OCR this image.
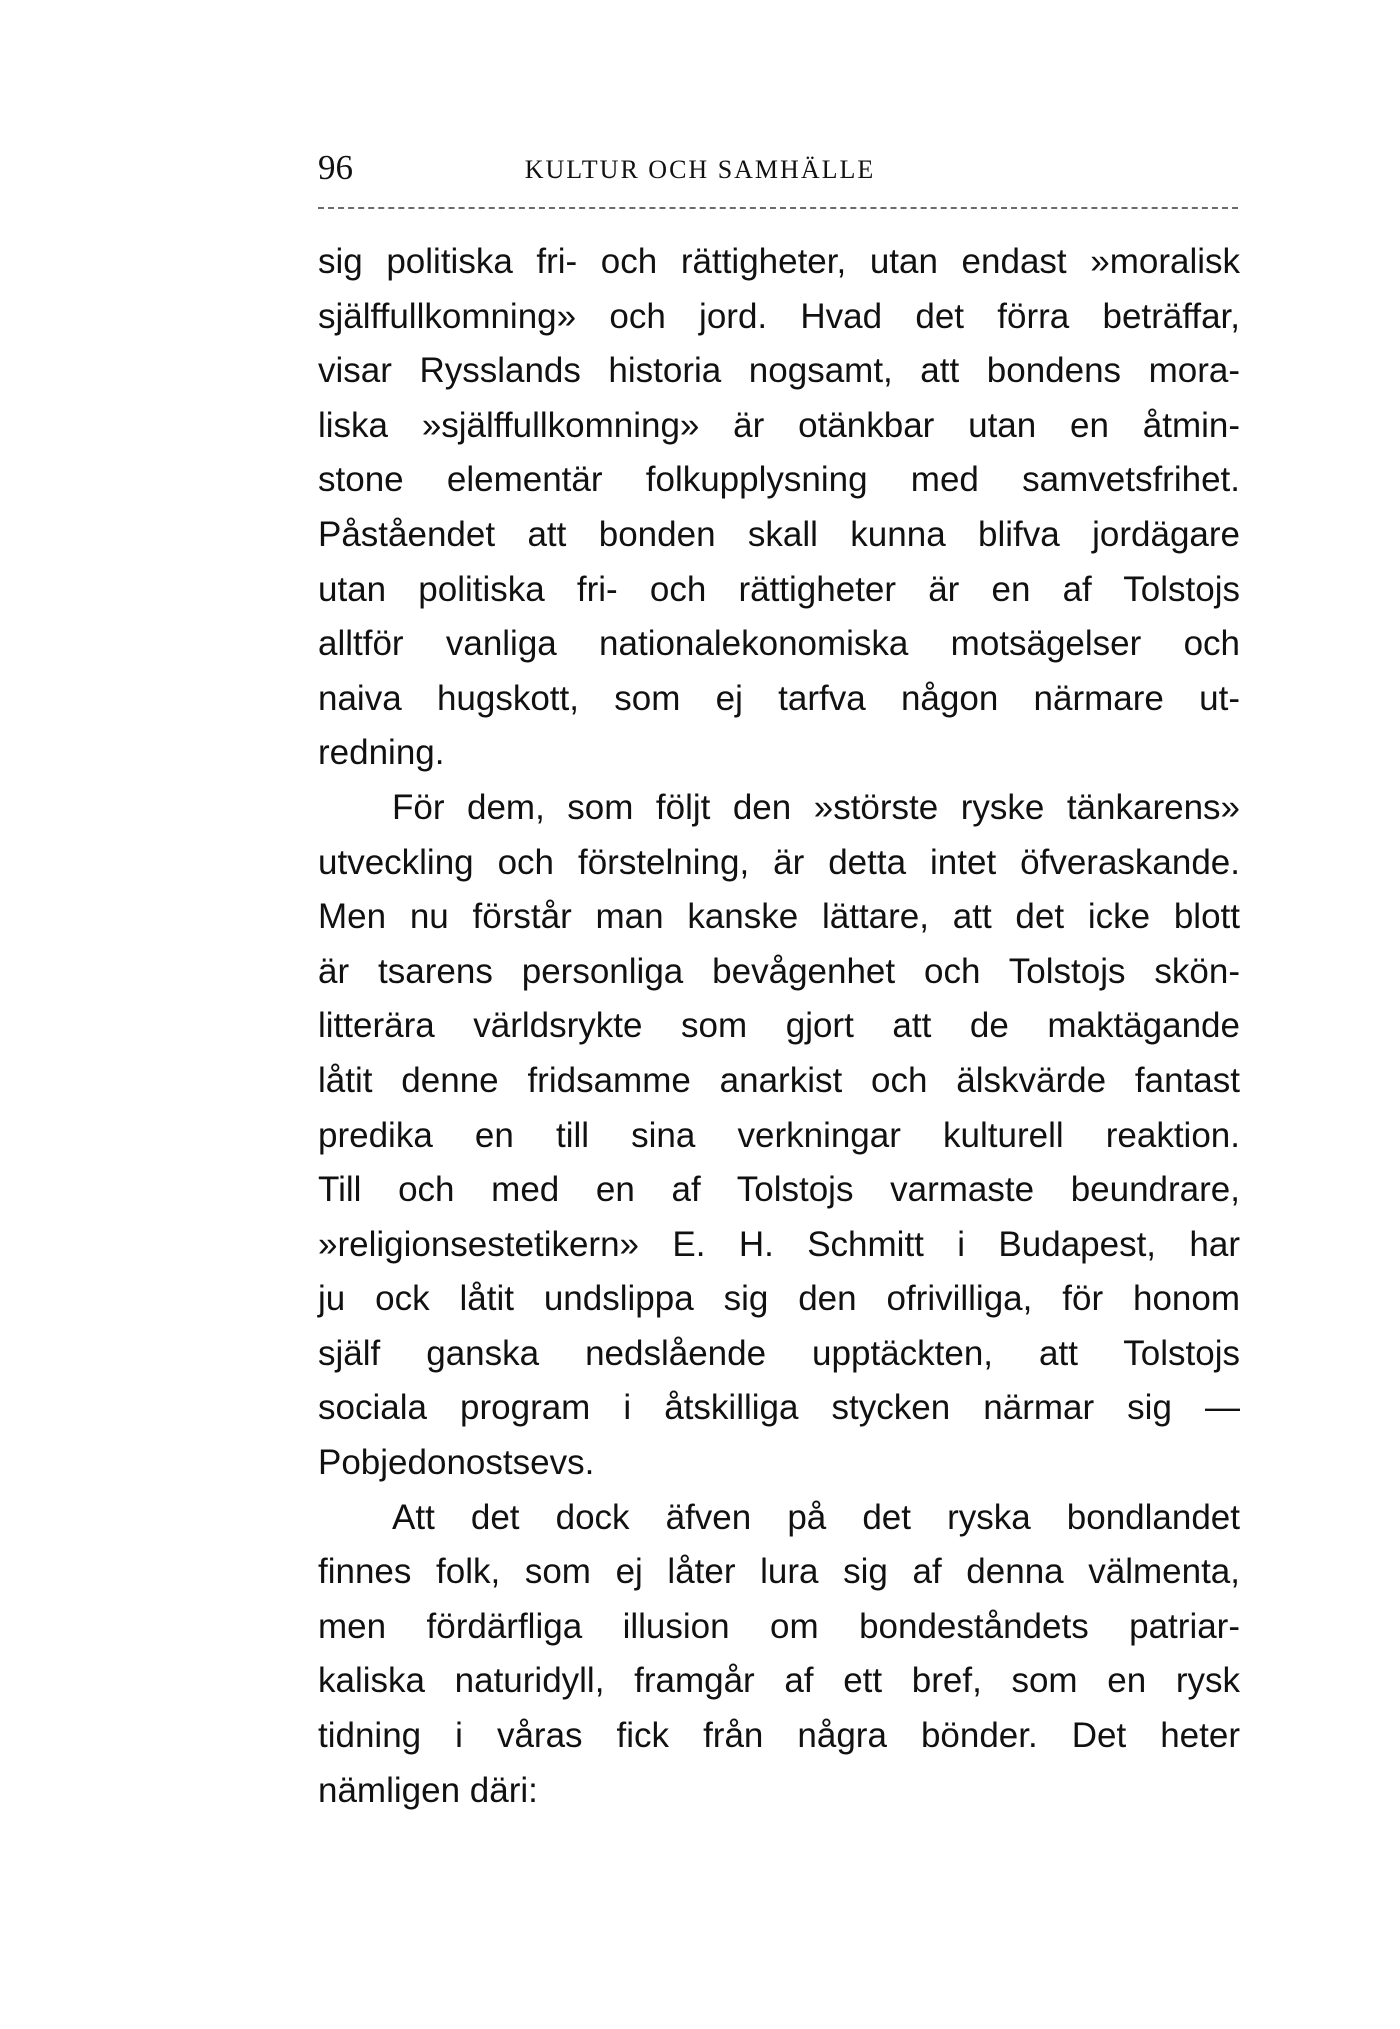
96	KULTUR OCH SAMHÄLLE
sig politiska fri- och rättigheter, utan endast »moralisk
själffullkomning» och jord. Hvad det förra beträffar,
visar Rysslands historia nogsamt, att bondens mora-
liska »själffullkomning» är otänkbar utan en åtmin-
stone elementär folkupplysning med samvetsfrihet.
Påståendet att bonden skall kunna blifva jordägare
utan politiska fri- och rättigheter är en af Tolstojs
alltför vanliga nationalekonomiska motsägelser och
naiva hugskott, som ej tarfva någon närmare ut-
redning.
För dem, som följt den »störste ryske tänkarens»
utveckling och förstelning, är detta intet öfveraskande.
Men nu förstår man kanske lättare, att det icke blott
är tsarens personliga bevågenhet och Tolstojs skön-
litterära världsrykte som gjort att de maktägande
låtit denne fridsamme anarkist och älskvärde fantast
predika en till sina verkningar kulturell reaktion.
Till och med en af Tolstojs varmaste beundrare,
»religionsestetikern» E. H. Schmitt i Budapest, har
ju ock låtit undslippa sig den ofrivilliga, för honom
själf ganska nedslående upptäckten, att Tolstojs
sociala program i åtskilliga stycken närmar sig —
Pobjedonostsevs.
Att det dock äfven på det ryska bondlandet
finnes folk, som ej låter lura sig af denna välmenta,
men fördärfliga illusion om bondeståndets patriar-
kaliska naturidyll, framgår af ett bref, som en rysk
tidning i våras fick från några bönder. Det heter
nämligen däri:
